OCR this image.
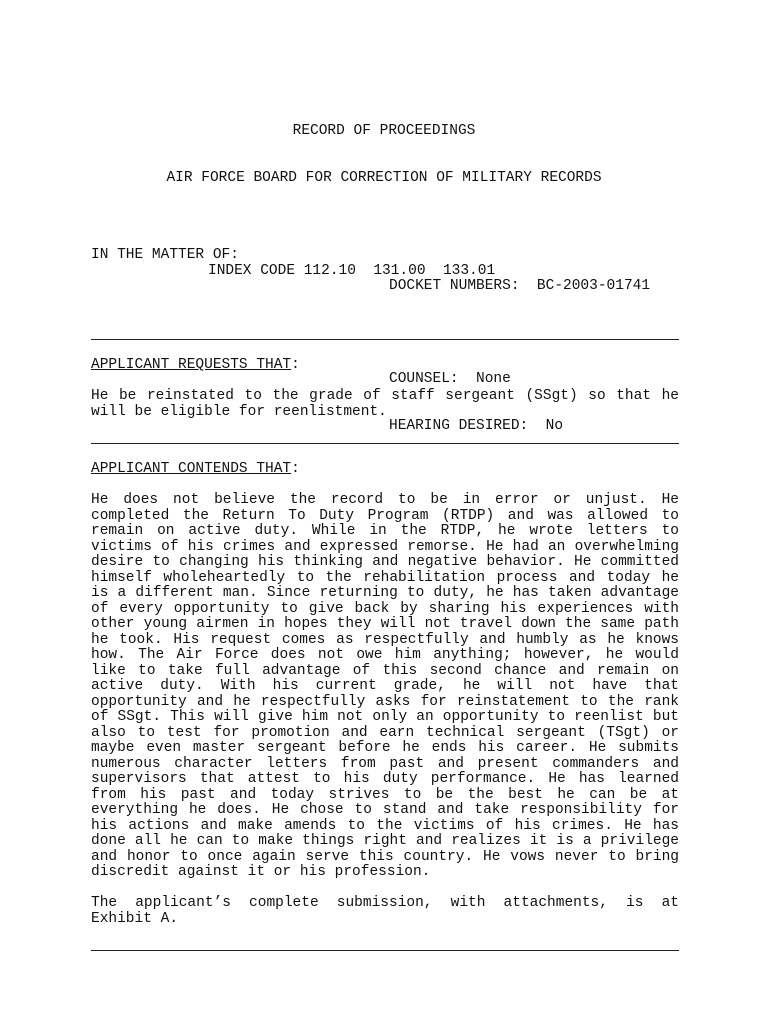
RECORD OF PROCEEDINGS

AIR FORCE BOARD FOR CORRECTION OF MILITARY RECORDS

IN THE MATTER OF:

INDEX CODE 112.10  131.00  133.01

DOCKET NUMBERS:  BC-2003-01741

COUNSEL:  None

HEARING DESIRED:  No

APPLICANT REQUESTS THAT:

He be reinstated to the grade of staff sergeant (SSgt) so that he will be eligible for reenlistment.

APPLICANT CONTENDS THAT:

He does not believe the record to be in error or unjust. He completed the Return To Duty Program (RTDP) and was allowed to remain on active duty. While in the RTDP, he wrote letters to victims of his crimes and expressed remorse. He had an overwhelming desire to changing his thinking and negative behavior. He committed himself wholeheartedly to the rehabilitation process and today he is a different man. Since returning to duty, he has taken advantage of every opportunity to give back by sharing his experiences with other young airmen in hopes they will not travel down the same path he took. His request comes as respectfully and humbly as he knows how. The Air Force does not owe him anything; however, he would like to take full advantage of this second chance and remain on active duty. With his current grade, he will not have that opportunity and he respectfully asks for reinstatement to the rank of SSgt. This will give him not only an opportunity to reenlist but also to test for promotion and earn technical sergeant (TSgt) or maybe even master sergeant before he ends his career. He submits numerous character letters from past and present commanders and supervisors that attest to his duty performance. He has learned from his past and today strives to be the best he can be at everything he does. He chose to stand and take responsibility for his actions and make amends to the victims of his crimes. He has done all he can to make things right and realizes it is a privilege and honor to once again serve this country. He vows never to bring discredit against it or his profession.

The applicant’s complete submission, with attachments, is at Exhibit A.
